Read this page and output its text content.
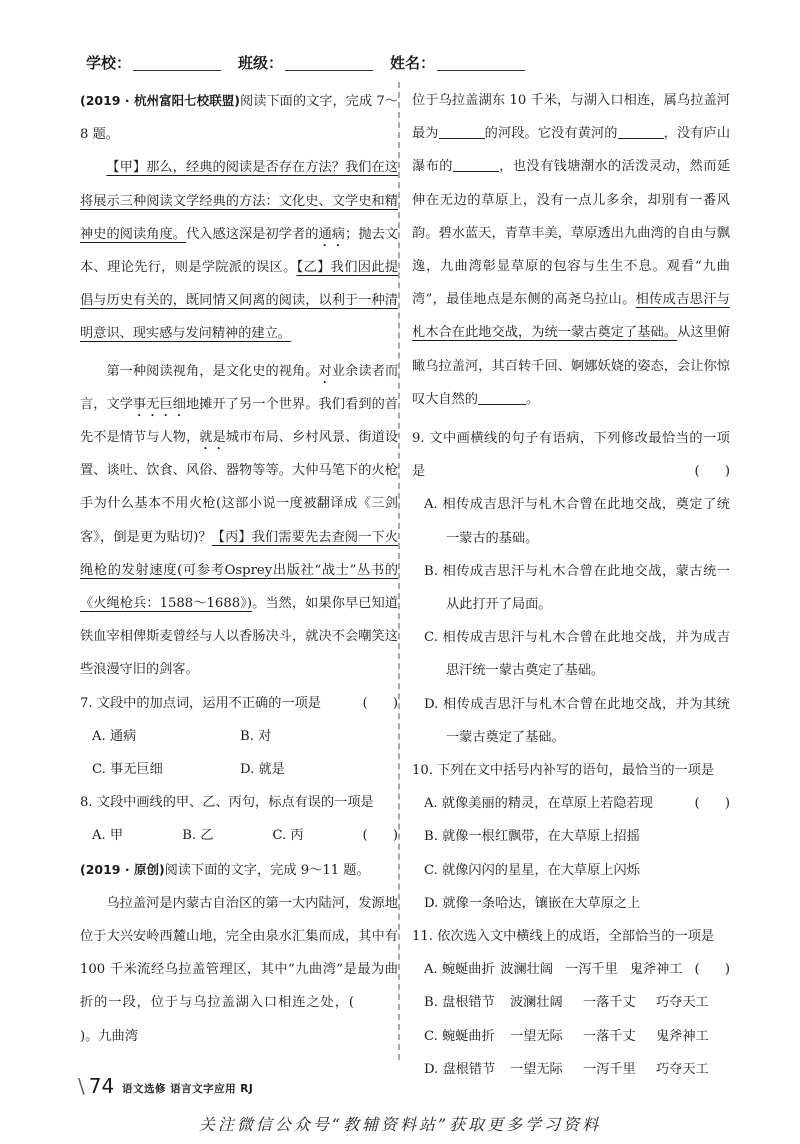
学校：	班级：	姓名：

(2019 · 杭州富阳七校联盟)阅读下面的文字，完成 7～8 题。

【甲】那么，经典的阅读是否存在方法？我们在这将展示三种阅读文学经典的方法：文化史、文学史和精神史的阅读角度。代入感这深是初学者的通病；抛去文本、理论先行，则是学院派的误区。【乙】我们因此提倡与历史有关的，既同情又间离的阅读，以利于一种清明意识、现实感与发问精神的建立。

第一种阅读视角，是文化史的视角。对业余读者而言，文学事无巨细地摊开了另一个世界。我们看到的首先不是情节与人物，就是城市布局、乡村风景、街道设置、谈吐、饮食、风俗、器物等等。大仲马笔下的火枪手为什么基本不用火枪(这部小说一度被翻译成《三剑客》，倒是更为贴切)？【丙】我们需要先去查阅一下火绳枪的发射速度(可参考Osprey出版社“战士”丛书的《火绳枪兵：1588～1688》)。当然，如果你早已知道铁血宰相俾斯麦曾经与人以香肠决斗，就决不会嘲笑这些浪漫守旧的剑客。

7. 文段中的加点词，运用不正确的一项是	(      )

A. 通病	B. 对
C. 事无巨细	D. 就是

8. 文段中画线的甲、乙、丙句，标点有误的一项是
(      )

A. 甲	B. 乙	C. 丙

(2019 · 原创)阅读下面的文字，完成 9～11 题。

乌拉盖河是内蒙古自治区的第一大内陆河，发源地位于大兴安岭西麓山地，完全由泉水汇集而成，其中有 100 千米流经乌拉盖管理区，其中“九曲湾”是最为曲折的一段，位于与乌拉盖湖入口相连之处，()。九曲湾

位于乌拉盖湖东 10 千米，与湖入口相连，属乌拉盖河最为	的河段。它没有黄河的	，没有庐山瀑布的	，也没有钱塘潮水的活泼灵动，然而延伸在无边的草原上，没有一点儿多余，却别有一番风韵。碧水蓝天，青草丰美，草原透出九曲湾的自由与飘逸，九曲湾彰显草原的包容与生生不息。观看“九曲湾”，最佳地点是东侧的高尧乌拉山。相传成吉思汗与札木合在此地交战，为统一蒙古奠定了基础。从这里俯瞰乌拉盖河，其百转千回、婀娜妖娆的姿态，会让你惊叹大自然的	。

9. 文中画横线的句子有语病，下列修改最恰当的一项是	(      )

A. 相传成吉思汗与札木合曾在此地交战，奠定了统一蒙古的基础。

B. 相传成吉思汗与札木合曾在此地交战，蒙古统一从此打开了局面。

C. 相传成吉思汗与札木合曾在此地交战，并为成吉思汗统一蒙古奠定了基础。

D. 相传成吉思汗与札木合曾在此地交战，并为其统一蒙古奠定了基础。

10. 下列在文中括号内补写的语句，最恰当的一项是
(      )

A. 就像美丽的精灵，在草原上若隐若现

B. 就像一根红飘带，在大草原上招摇

C. 就像闪闪的星星，在大草原上闪烁

D. 就像一条哈达，镶嵌在大草原之上

11. 依次选入文中横线上的成语，全部恰当的一项是
(      )

A. 蜿蜒曲折 波澜壮阔 一泻千里 鬼斧神工
B. 盘根错节	波澜壮阔	一落千丈	巧夺天工
C. 蜿蜒曲折	一望无际	一落千丈	鬼斧神工
D. 盘根错节	一望无际	一泻千里	巧夺天工
\ 74 语文选修 语言文字应用 RJ
关注微信公众号“教辅资料站”获取更多学习资料
